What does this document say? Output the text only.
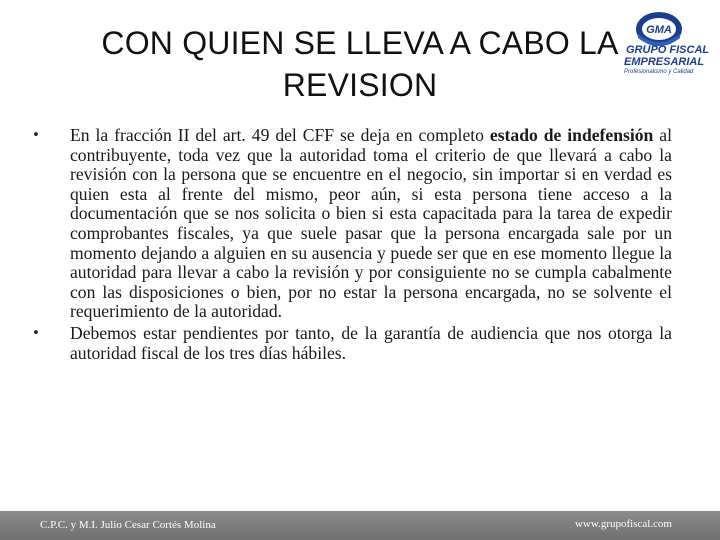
CON QUIEN SE LLEVA A CABO LA
REVISION
GMA
GRUPO FISCAL
EMPRESARIAL
Profesionalismo y Calidad

• En la fracción II del art. 49 del CFF se deja en completo estado de indefensión al contribuyente, toda vez que la autoridad toma el criterio de que llevará a cabo la revisión con la persona que se encuentre en el negocio, sin importar si en verdad es quien esta al frente del mismo, peor aún, si esta persona tiene acceso a la documentación que se nos solicita o bien si esta capacitada para la tarea de expedir comprobantes fiscales, ya que suele pasar que la persona encargada sale por un momento dejando a alguien en su ausencia y puede ser que en ese momento llegue la autoridad para llevar a cabo la revisión y por consiguiente no se cumpla cabalmente con las disposiciones o bien, por no estar la persona encargada, no se solvente el requerimiento de la autoridad.

• Debemos estar pendientes por tanto, de la garantía de audiencia que nos otorga la autoridad fiscal de los tres días hábiles.

C.P.C. y M.I. Julio Cesar Cortés Molina	www.grupofiscal.com
